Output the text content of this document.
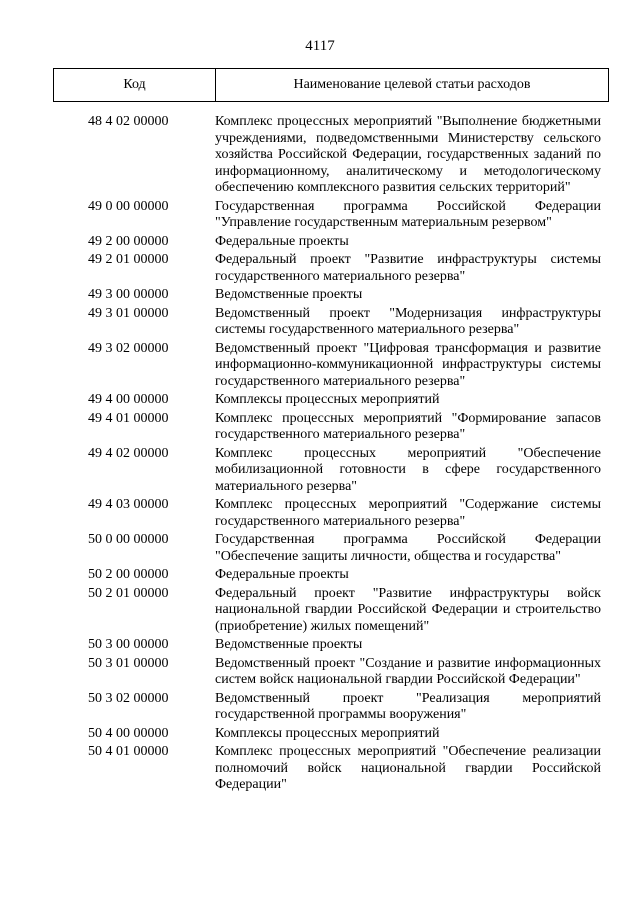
4117
Код	Наименование целевой статьи расходов
48 4 02 00000	Комплекс процессных мероприятий "Выполнение бюджетными учреждениями, подведомственными Министерству сельского хозяйства Российской Федерации, государственных заданий по информационному, аналитическому и методологическому обеспечению комплексного развития сельских территорий"
49 0 00 00000	Государственная программа Российской Федерации "Управление государственным материальным резервом"
49 2 00 00000	Федеральные проекты
49 2 01 00000	Федеральный проект "Развитие инфраструктуры системы государственного материального резерва"
49 3 00 00000	Ведомственные проекты
49 3 01 00000	Ведомственный проект "Модернизация инфраструктуры системы государственного материального резерва"
49 3 02 00000	Ведомственный проект "Цифровая трансформация и развитие информационно-коммуникационной инфраструктуры системы государственного материального резерва"
49 4 00 00000	Комплексы процессных мероприятий
49 4 01 00000	Комплекс процессных мероприятий "Формирование запасов государственного материального резерва"
49 4 02 00000	Комплекс процессных мероприятий "Обеспечение мобилизационной готовности в сфере государственного материального резерва"
49 4 03 00000	Комплекс процессных мероприятий "Содержание системы государственного материального резерва"
50 0 00 00000	Государственная программа Российской Федерации "Обеспечение защиты личности, общества и государства"
50 2 00 00000	Федеральные проекты
50 2 01 00000	Федеральный проект "Развитие инфраструктуры войск национальной гвардии Российской Федерации и строительство (приобретение) жилых помещений"
50 3 00 00000	Ведомственные проекты
50 3 01 00000	Ведомственный проект "Создание и развитие информационных систем войск национальной гвардии Российской Федерации"
50 3 02 00000	Ведомственный проект "Реализация мероприятий государственной программы вооружения"
50 4 00 00000	Комплексы процессных мероприятий
50 4 01 00000	Комплекс процессных мероприятий "Обеспечение реализации полномочий войск национальной гвардии Российской Федерации"
